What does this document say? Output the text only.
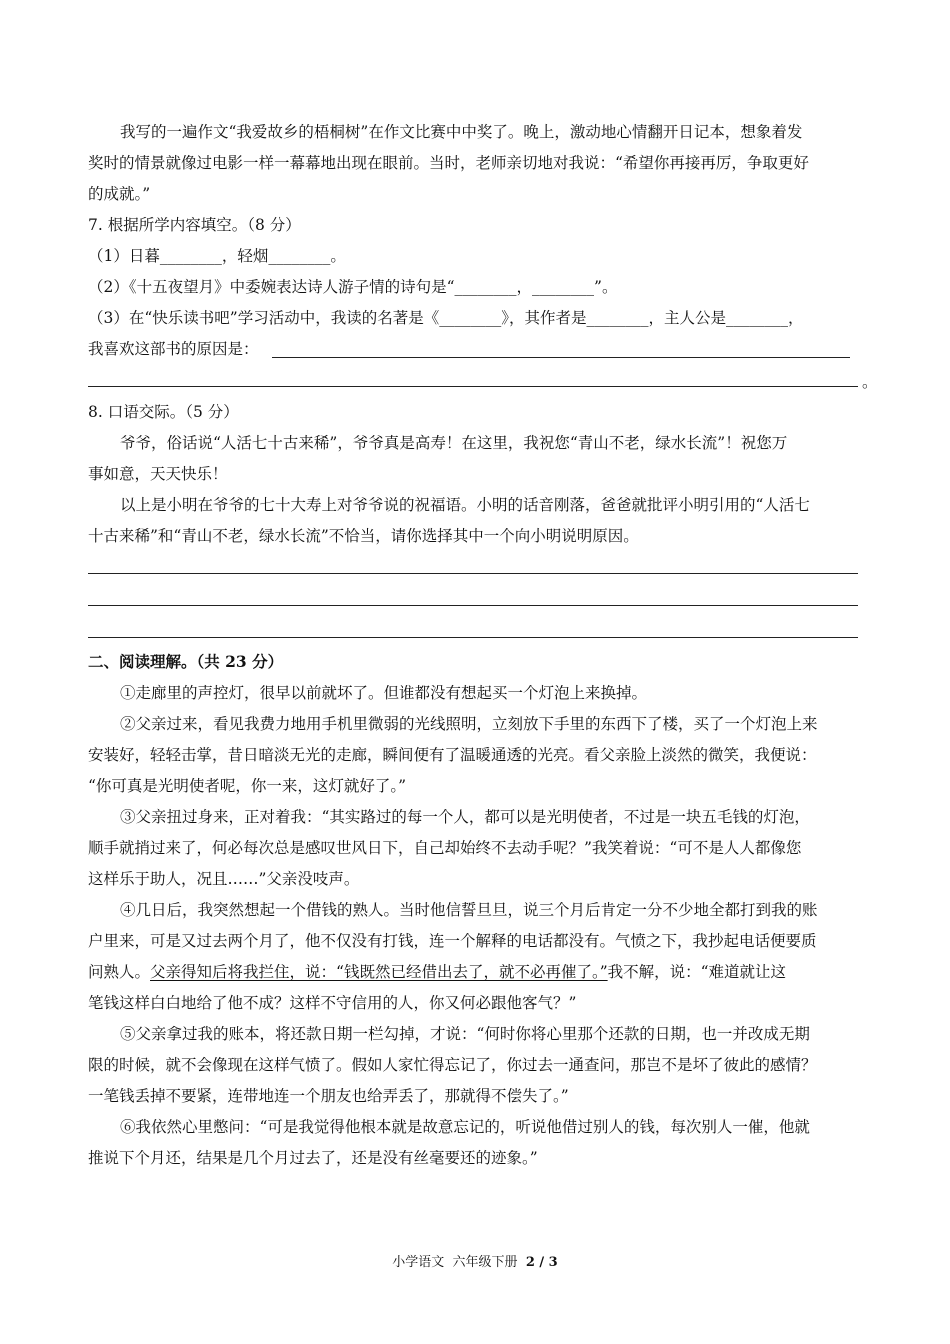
我写的一遍作文“我爱故乡的梧桐树”在作文比赛中中奖了。晚上，激动地心情翻开日记本，想象着发
奖时的情景就像过电影一样一幕幕地出现在眼前。当时，老师亲切地对我说：“希望你再接再厉，争取更好
的成就。”
7. 根据所学内容填空。（8 分）
（1）日暮________，轻烟________。
（2）《十五夜望月》中委婉表达诗人游子情的诗句是“________，________”。
（3）在“快乐读书吧”学习活动中，我读的名著是《________》，其作者是________，主人公是________，
我喜欢这部书的原因是：
。
8. 口语交际。（5 分）
爷爷，俗话说“人活七十古来稀”，爷爷真是高寿！在这里，我祝您“青山不老，绿水长流”！祝您万
事如意，天天快乐！
以上是小明在爷爷的七十大寿上对爷爷说的祝福语。小明的话音刚落，爸爸就批评小明引用的“人活七
十古来稀”和“青山不老，绿水长流”不恰当，请你选择其中一个向小明说明原因。
二、阅读理解。（共 23 分）
①走廊里的声控灯，很早以前就坏了。但谁都没有想起买一个灯泡上来换掉。
②父亲过来，看见我费力地用手机里微弱的光线照明，立刻放下手里的东西下了楼，买了一个灯泡上来
安装好，轻轻击掌，昔日暗淡无光的走廊，瞬间便有了温暖通透的光亮。看父亲脸上淡然的微笑，我便说：
“你可真是光明使者呢，你一来，这灯就好了。”
③父亲扭过身来，正对着我：“其实路过的每一个人，都可以是光明使者，不过是一块五毛钱的灯泡，
顺手就捎过来了，何必每次总是感叹世风日下，自己却始终不去动手呢？”我笑着说：“可不是人人都像您
这样乐于助人，况且……”父亲没吱声。
④几日后，我突然想起一个借钱的熟人。当时他信誓旦旦，说三个月后肯定一分不少地全都打到我的账
户里来，可是又过去两个月了，他不仅没有打钱，连一个解释的电话都没有。气愤之下，我抄起电话便要质
问熟人。父亲得知后将我拦住，说：“钱既然已经借出去了，就不必再催了。”我不解，说：“难道就让这
笔钱这样白白地给了他不成？这样不守信用的人，你又何必跟他客气？”
⑤父亲拿过我的账本，将还款日期一栏勾掉，才说：“何时你将心里那个还款的日期，也一并改成无期
限的时候，就不会像现在这样气愤了。假如人家忙得忘记了，你过去一通查问，那岂不是坏了彼此的感情？
一笔钱丢掉不要紧，连带地连一个朋友也给弄丢了，那就得不偿失了。”
⑥我依然心里憋问：“可是我觉得他根本就是故意忘记的，听说他借过别人的钱，每次别人一催，他就
推说下个月还，结果是几个月过去了，还是没有丝毫要还的迹象。”
小学语文 六年级下册 2 / 3
